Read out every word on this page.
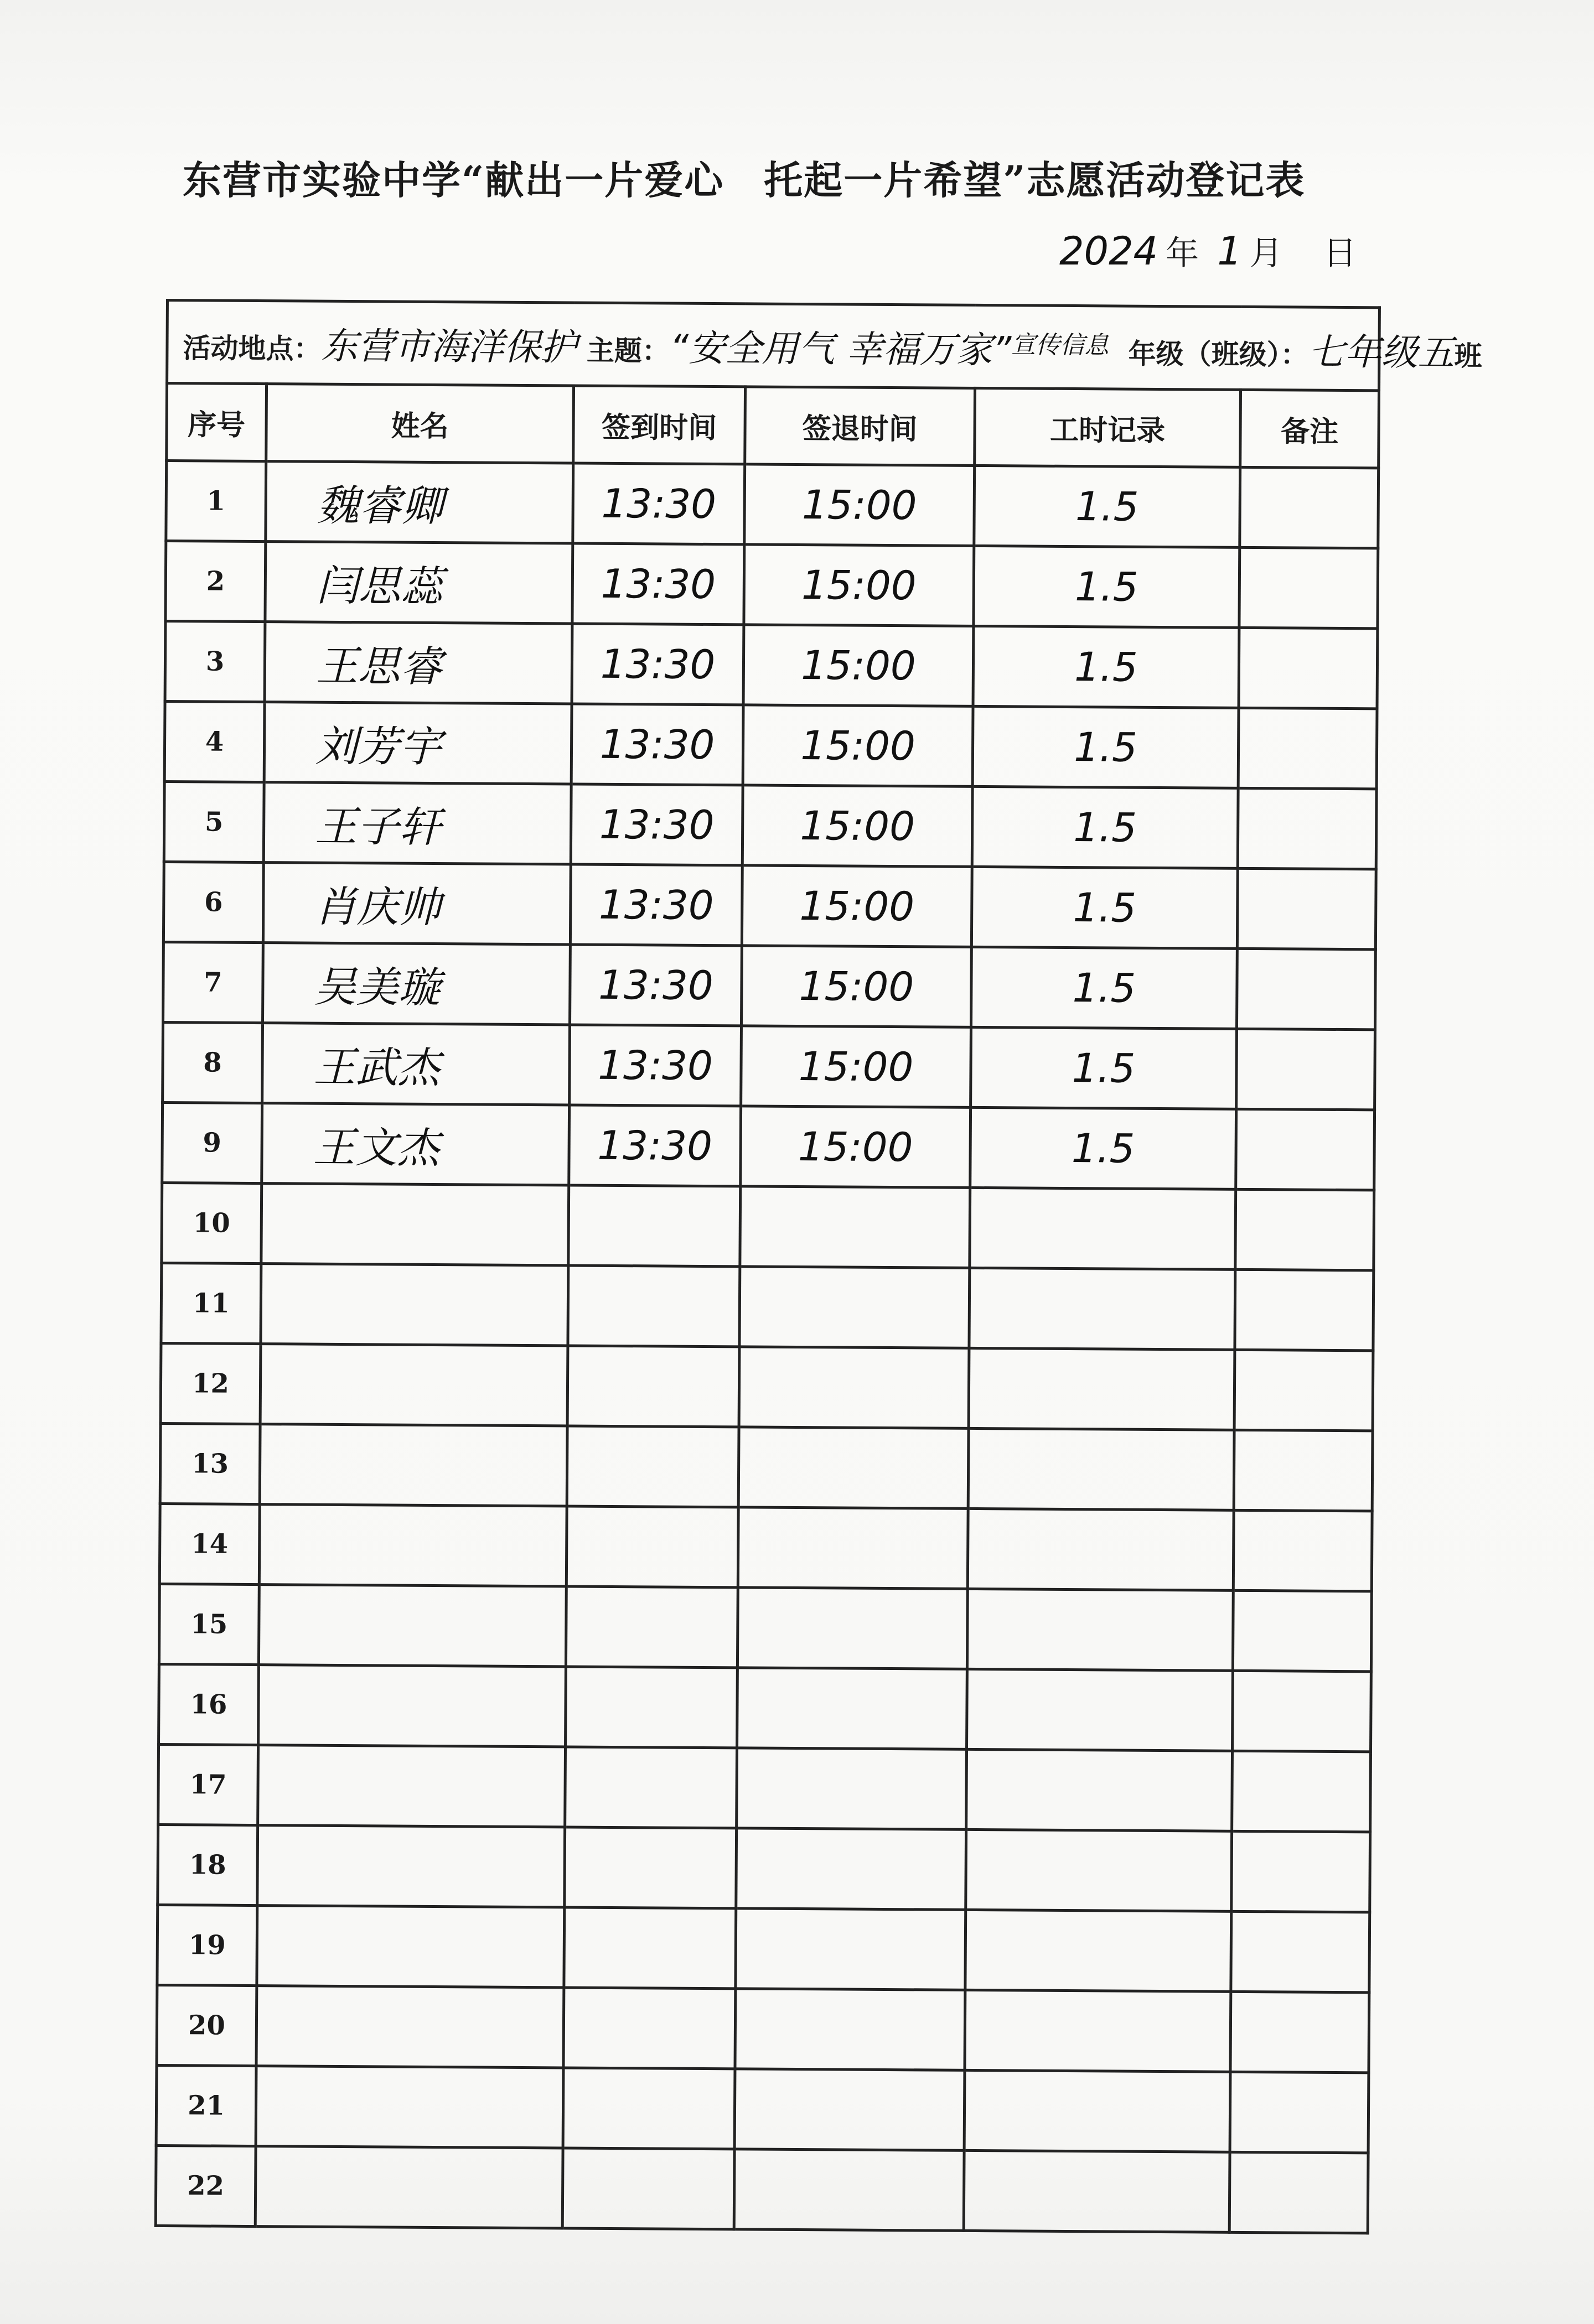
东营市实验中学“献出一片爱心　托起一片希望”志愿活动登记表
2024 年 1 月 日
活动地点：东营市海洋保护 主题：“安全用气 幸福万家”宣传信息 年级（班级）：七年级五班					
序号	姓名	签到时间	签退时间	工时记录	备注
1	魏睿卿	13:30	15:00	1.5	
2	闫思蕊	13:30	15:00	1.5	
3	王思睿	13:30	15:00	1.5	
4	刘芳宇	13:30	15:00	1.5	
5	王子轩	13:30	15:00	1.5	
6	肖庆帅	13:30	15:00	1.5	
7	吴美璇	13:30	15:00	1.5	
8	王武杰	13:30	15:00	1.5	
9	王文杰	13:30	15:00	1.5	
10					
11					
12					
13					
14					
15					
16					
17					
18					
19					
20					
21					
22					
